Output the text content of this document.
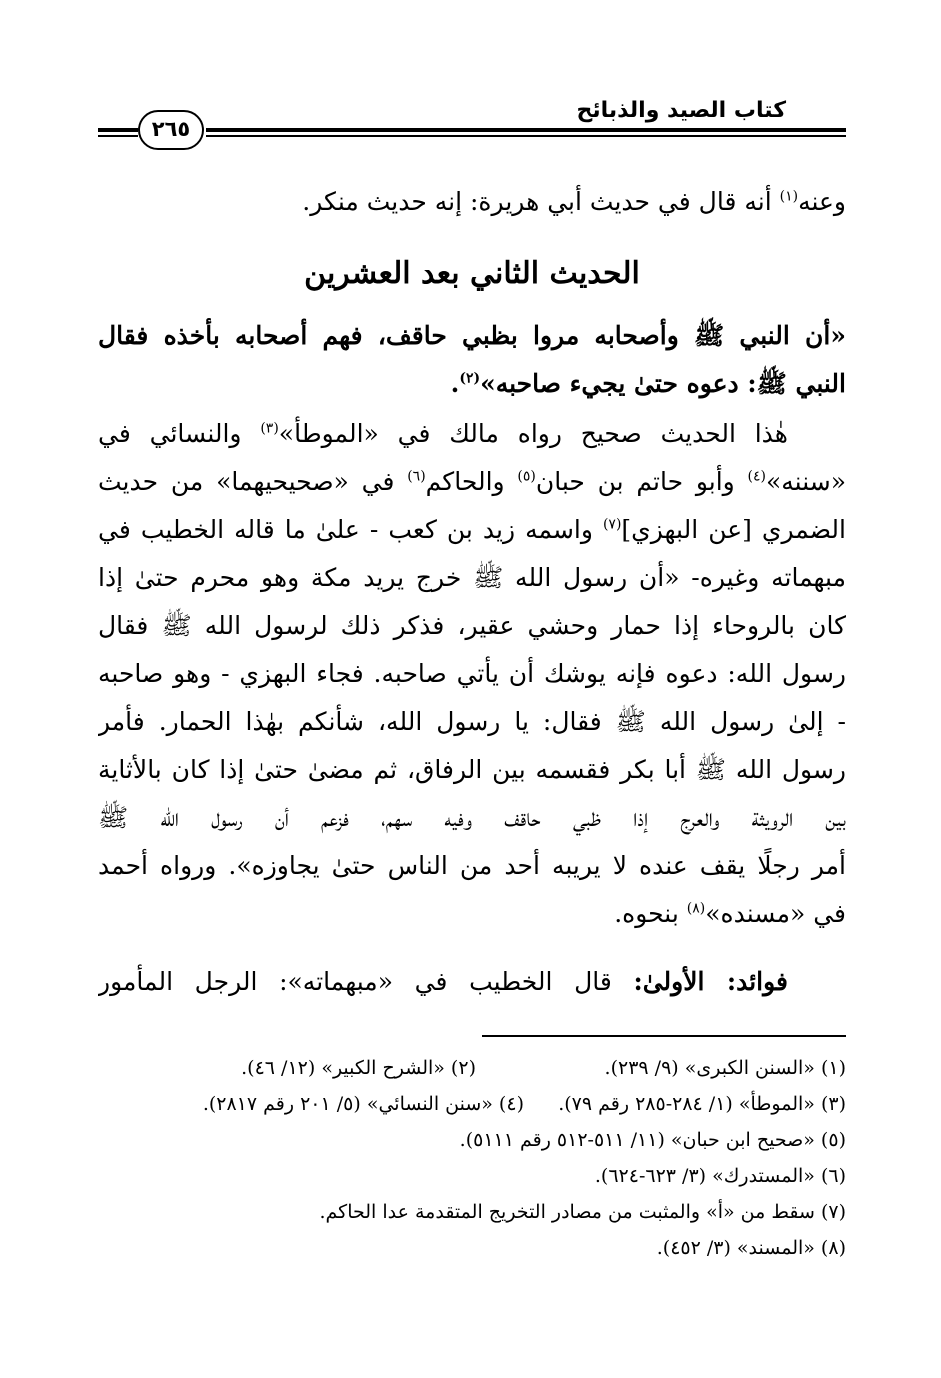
كتاب الصيد والذبائح
٢٦٥
وعنه$^{(١)}$ أنه قال في حديث أبي هريرة: إنه حديث منكر.
الحديث الثاني بعد العشرين
«أن النبي ﷺ وأصحابه مروا بظبي حاقف، فهم أصحابه بأخذه فقال
النبي ﷺ: دعوه حتىٰ يجيء صاحبه»$^{(٢)}$.
هٰذا الحديث صحيح رواه مالك في «الموطأ»$^{(٣)}$ والنسائي في
«سننه»$^{(٤)}$ وأبو حاتم بن حبان$^{(٥)}$ والحاكم$^{(٦)}$ في «صحيحيهما» من حديث
الضمري [عن البهزي]$^{(٧)}$ واسمه زيد بن كعب - علىٰ ما قاله الخطيب في
مبهماته وغيره- «أن رسول الله ﷺ خرج يريد مكة وهو محرم حتىٰ إذا
كان بالروحاء إذا حمار وحشي عقير، فذكر ذلك لرسول الله ﷺ فقال
رسول الله: دعوه فإنه يوشك أن يأتي صاحبه. فجاء البهزي - وهو صاحبه
- إلىٰ رسول الله ﷺ فقال: يا رسول الله، شأنكم بهٰذا الحمار. فأمر
رسول الله ﷺ أبا بكر فقسمه بين الرفاق، ثم مضىٰ حتىٰ إذا كان بالأثاية
بين الرويثة والعرج إذا ظبي حاقف وفيه سهم، فزعم أن رسول الله ﷺ
أمر رجلًا يقف عنده لا يريبه أحد من الناس حتىٰ يجاوزه». ورواه أحمد
في «مسنده»$^{(٨)}$ بنحوه.
فوائد: الأولىٰ: قال الخطيب في «مبهماته»: الرجل المأمور
(١) «السنن الكبرى» (٩/ ٢٣٩).(٢) «الشرح الكبير» (١٢/ ٤٦).
(٣) «الموطأ» (١/ ٢٨٤-٢٨٥ رقم ٧٩).(٤) «سنن النسائي» (٥/ ٢٠١ رقم ٢٨١٧).
(٥) «صحيح ابن حبان» (١١/ ٥١١-٥١٢ رقم ٥١١١).
(٦) «المستدرك» (٣/ ٦٢٣-٦٢٤).
(٧) سقط من «أ» والمثبت من مصادر التخريج المتقدمة عدا الحاكم.
(٨) «المسند» (٣/ ٤٥٢).
